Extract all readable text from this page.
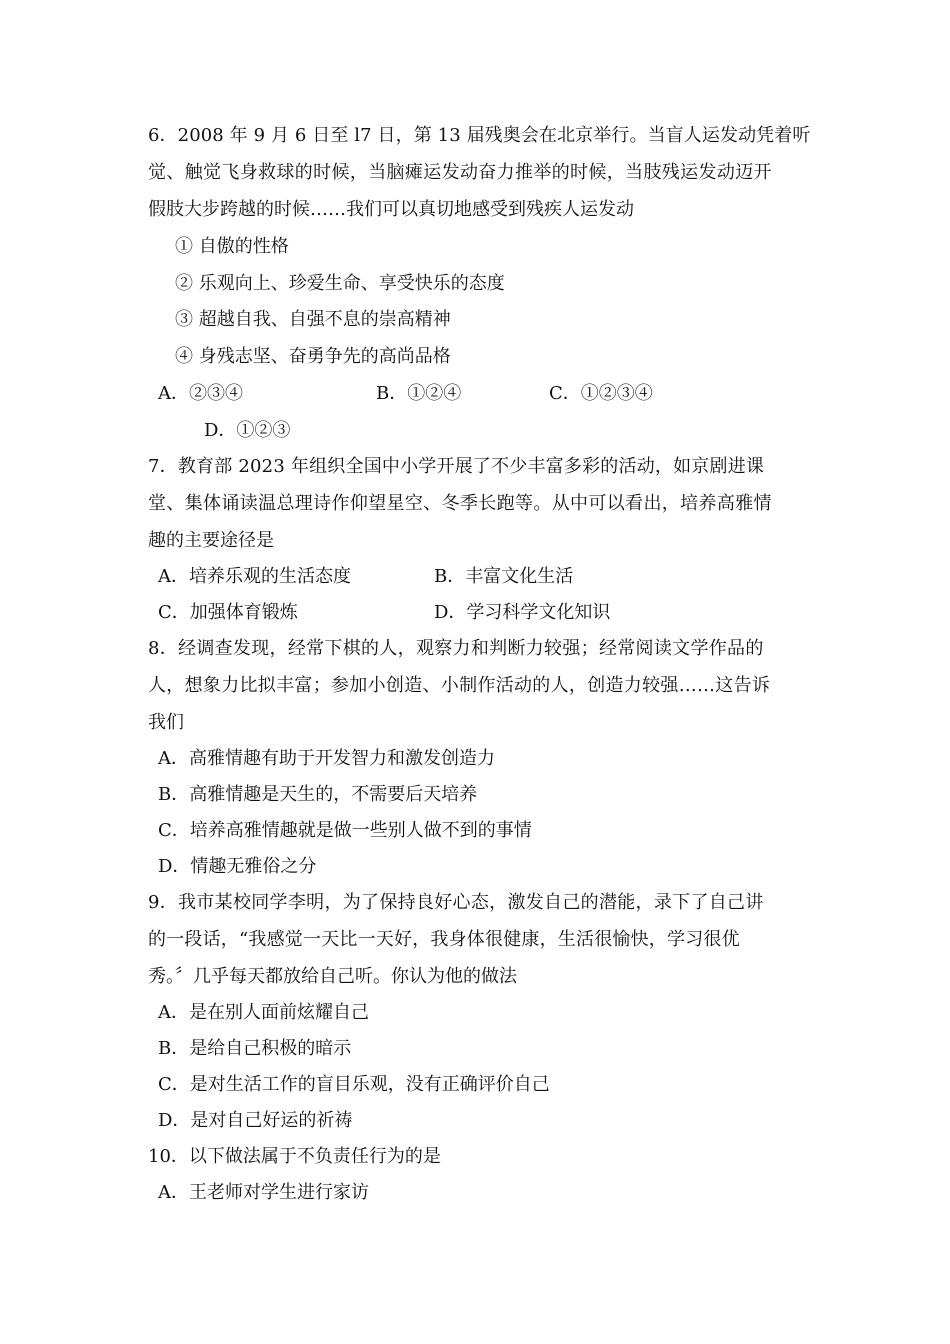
6．2008 年 9 月 6 日至 l7 日，第 13 届残奥会在北京举行。当盲人运发动凭着听
觉、触觉飞身救球的时候，当脑瘫运发动奋力推举的时候，当肢残运发动迈开
假肢大步跨越的时候……我们可以真切地感受到残疾人运发动
① 自傲的性格
② 乐观向上、珍爱生命、享受快乐的态度
③ 超越自我、自强不息的崇高精神
④ 身残志坚、奋勇争先的高尚品格
A．②③④	B．①②④	C．①②③④
D．①②③
7．教育部 2023 年组织全国中小学开展了不少丰富多彩的活动，如京剧进课
堂、集体诵读温总理诗作仰望星空、冬季长跑等。从中可以看出，培养高雅情
趣的主要途径是
A．培养乐观的生活态度	B．丰富文化生活
C．加强体育锻炼	D．学习科学文化知识
8．经调查发现，经常下棋的人，观察力和判断力较强；经常阅读文学作品的
人，想象力比拟丰富；参加小创造、小制作活动的人，创造力较强……这告诉
我们
A．高雅情趣有助于开发智力和激发创造力
B．高雅情趣是天生的，不需要后天培养
C．培养高雅情趣就是做一些别人做不到的事情
D．情趣无雅俗之分
9．我市某校同学李明，为了保持良好心态，激发自己的潜能，录下了自己讲
的一段话，“我感觉一天比一天好，我身体很健康，生活很愉快，学习很优
秀。〞几乎每天都放给自己听。你认为他的做法
A．是在别人面前炫耀自己
B．是给自己积极的暗示
C．是对生活工作的盲目乐观，没有正确评价自己
D．是对自己好运的祈祷
10．以下做法属于不负责任行为的是
A．王老师对学生进行家访
